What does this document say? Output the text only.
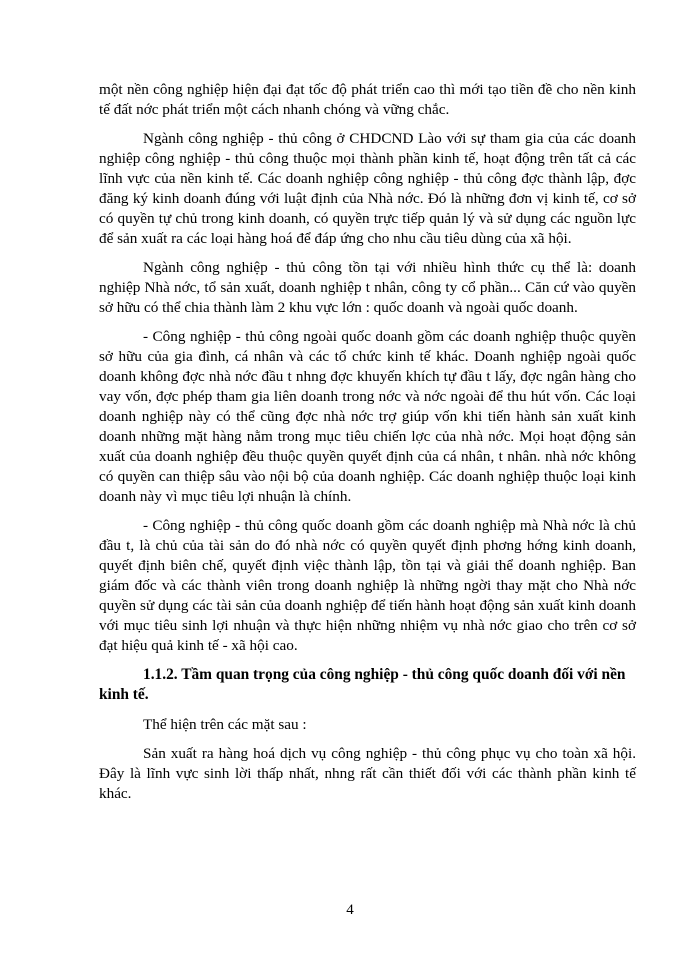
một nền công nghiệp hiện đại đạt tốc độ phát triển cao thì mới tạo tiền đề cho nền kinh tế đất nớc phát triển một cách nhanh chóng và vững chắc.

Ngành công nghiệp - thủ công ở CHDCND Lào với sự tham gia của các doanh nghiệp công nghiệp - thủ công thuộc mọi thành phần kinh tế, hoạt động trên tất cả các lĩnh vực của nền kinh tế. Các doanh nghiệp công nghiệp - thủ công đợc thành lập, đợc đăng ký kinh doanh đúng với luật định của Nhà nớc. Đó là những đơn vị kinh tế, cơ sở có quyền tự chủ trong kinh doanh, có quyền trực tiếp quản lý và sử dụng các nguồn lực để sản xuất ra các loại hàng hoá để đáp ứng cho nhu cầu tiêu dùng của xã hội.

Ngành công nghiệp - thủ công tồn tại với nhiều hình thức cụ thể là: doanh nghiệp Nhà nớc, tổ sản xuất, doanh nghiệp t nhân, công ty cổ phần... Căn cứ vào quyền sở hữu có thể chia thành làm 2 khu vực lớn : quốc doanh và ngoài quốc doanh.

- Công nghiệp - thủ công ngoài quốc doanh gồm các doanh nghiệp thuộc quyền sở hữu của gia đình, cá nhân và các tổ chức kinh tế khác. Doanh nghiệp ngoài quốc doanh không đợc nhà nớc đầu t nhng đợc khuyến khích tự đầu t lấy, đợc ngân hàng cho vay vốn, đợc phép tham gia liên doanh trong nớc và nớc ngoài để thu hút vốn. Các loại doanh nghiệp này có thể cũng đợc nhà nớc trợ giúp vốn khi tiến hành sản xuất kinh doanh những mặt hàng nằm trong mục tiêu chiến lợc của nhà nớc. Mọi hoạt động sản xuất của doanh nghiệp đều thuộc quyền quyết định của cá nhân, t nhân. nhà nớc không có quyền can thiệp sâu vào nội bộ của doanh nghiệp. Các doanh nghiệp thuộc loại kinh doanh này vì mục tiêu lợi nhuận là chính.

- Công nghiệp - thủ công quốc doanh gồm các doanh nghiệp mà Nhà nớc là chủ đầu t, là chủ của tài sản do đó nhà nớc có quyền quyết định phơng hớng kinh doanh, quyết định biên chế, quyết định việc thành lập, tồn tại và giải thể doanh nghiệp. Ban giám đốc và các thành viên trong doanh nghiệp là những ngời thay mặt cho Nhà nớc quyền sử dụng các tài sản của doanh nghiệp để tiến hành hoạt động sản xuất kinh doanh với mục tiêu sinh lợi nhuận và thực hiện những nhiệm vụ nhà nớc giao cho trên cơ sở đạt hiệu quả kinh tế - xã hội cao.

1.1.2. Tầm quan trọng của công nghiệp - thủ công quốc doanh đối với nền kinh tế.

Thể hiện trên các mặt sau :

Sản xuất ra hàng hoá dịch vụ công nghiệp - thủ công phục vụ cho toàn xã hội. Đây là lĩnh vực sinh lời thấp nhất, nhng rất cần thiết đối với các thành phần kinh tế khác.

4
